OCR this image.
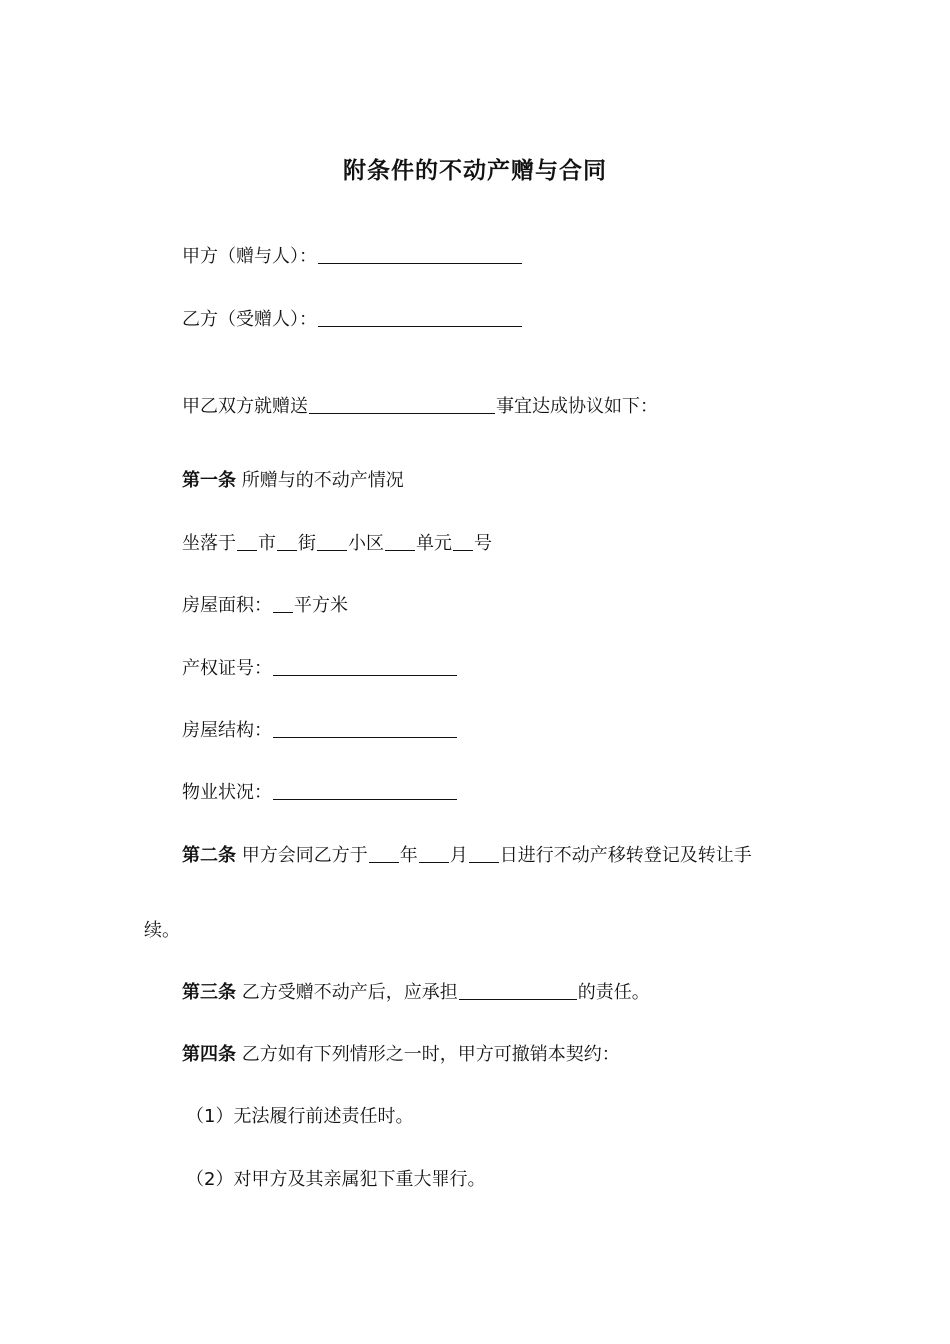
附条件的不动产赠与合同
甲方（赠与人）：
乙方（受赠人）：
甲乙双方就赠送	事宜达成协议如下：
第一条 所赠与的不动产情况
坐落于 市 街 小区 单元 号
房屋面积： 平方米
产权证号：
房屋结构：
物业状况：
第二条 甲方会同乙方于 年 月 日进行不动产移转登记及转让手
续。
第三条 乙方受赠不动产后，应承担	的责任。
第四条 乙方如有下列情形之一时，甲方可撤销本契约：
（1）无法履行前述责任时。
（2）对甲方及其亲属犯下重大罪行。
